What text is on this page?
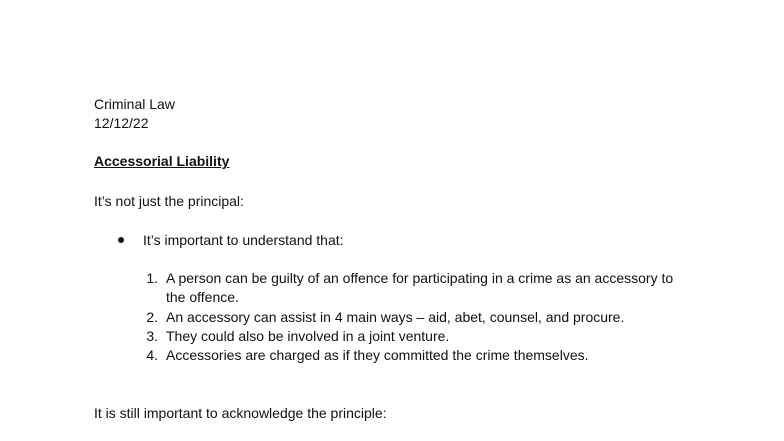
Criminal Law
12/12/22
Accessorial Liability
It’s not just the principal:
It’s important to understand that:
1. A person can be guilty of an offence for participating in a crime as an accessory to
the offence.
2. An accessory can assist in 4 main ways – aid, abet, counsel, and procure.
3. They could also be involved in a joint venture.
4. Accessories are charged as if they committed the crime themselves.
It is still important to acknowledge the principle:
